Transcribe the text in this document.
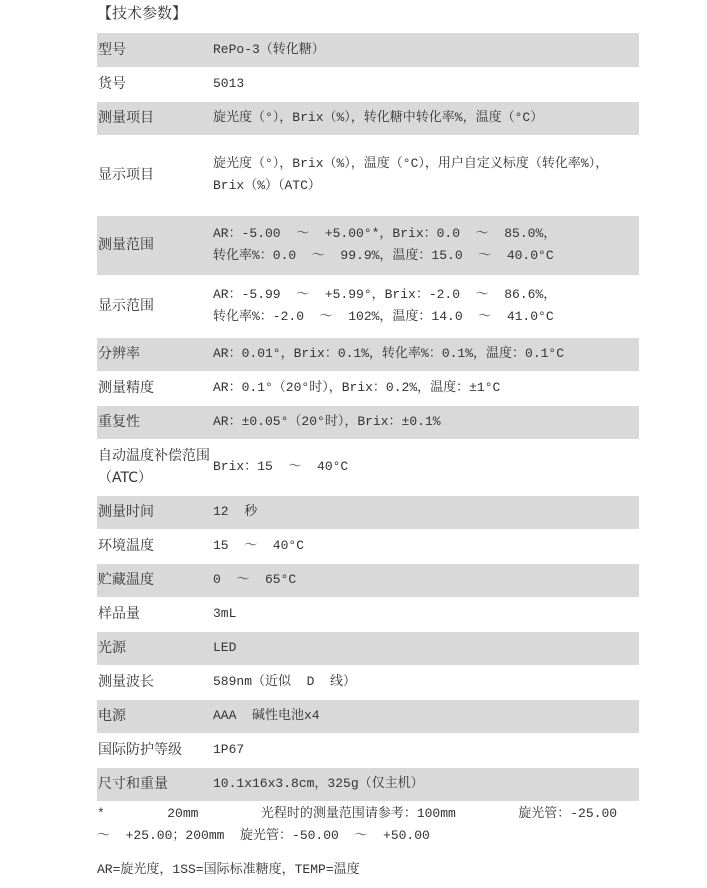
【技术参数】
型号	RePo-3（转化糖）
货号	5013
测量项目	旋光度（°），Brix（%），转化糖中转化率%，温度（°C）
显示项目	旋光度（°），Brix（%），温度（°C），用户自定义标度（转化率%），
Brix（%）（ATC）
测量范围	AR：-5.00  ～  +5.00°*，Brix：0.0  ～  85.0%，
转化率%：0.0  ～  99.9%，温度：15.0  ～  40.0°C
显示范围	AR：-5.99  ～  +5.99°，Brix：-2.0  ～  86.6%，
转化率%：-2.0  ～  102%，温度：14.0  ～  41.0°C
分辨率	AR：0.01°，Brix：0.1%，转化率%：0.1%，温度：0.1°C
测量精度	AR：0.1°（20°时），Brix：0.2%，温度：±1°C
重复性	AR：±0.05°（20°时），Brix：±0.1%
自动温度补偿范围（ATC）	Brix：15  ～  40°C
测量时间	12  秒
环境温度	15  ～  40°C
贮藏温度	0  ～  65°C
样品量	3mL
光源	LED
测量波长	589nm（近似  D  线）
电源	AAA  碱性电池x4
国际防护等级	1P67
尺寸和重量	10.1x16x3.8cm，325g（仅主机）
*        20mm        光程时的测量范围请参考：100mm        旋光管：-25.00  ～  +25.00；200mm  旋光管：-50.00  ～  +50.00
AR=旋光度，1SS=国际标准糖度，TEMP=温度
